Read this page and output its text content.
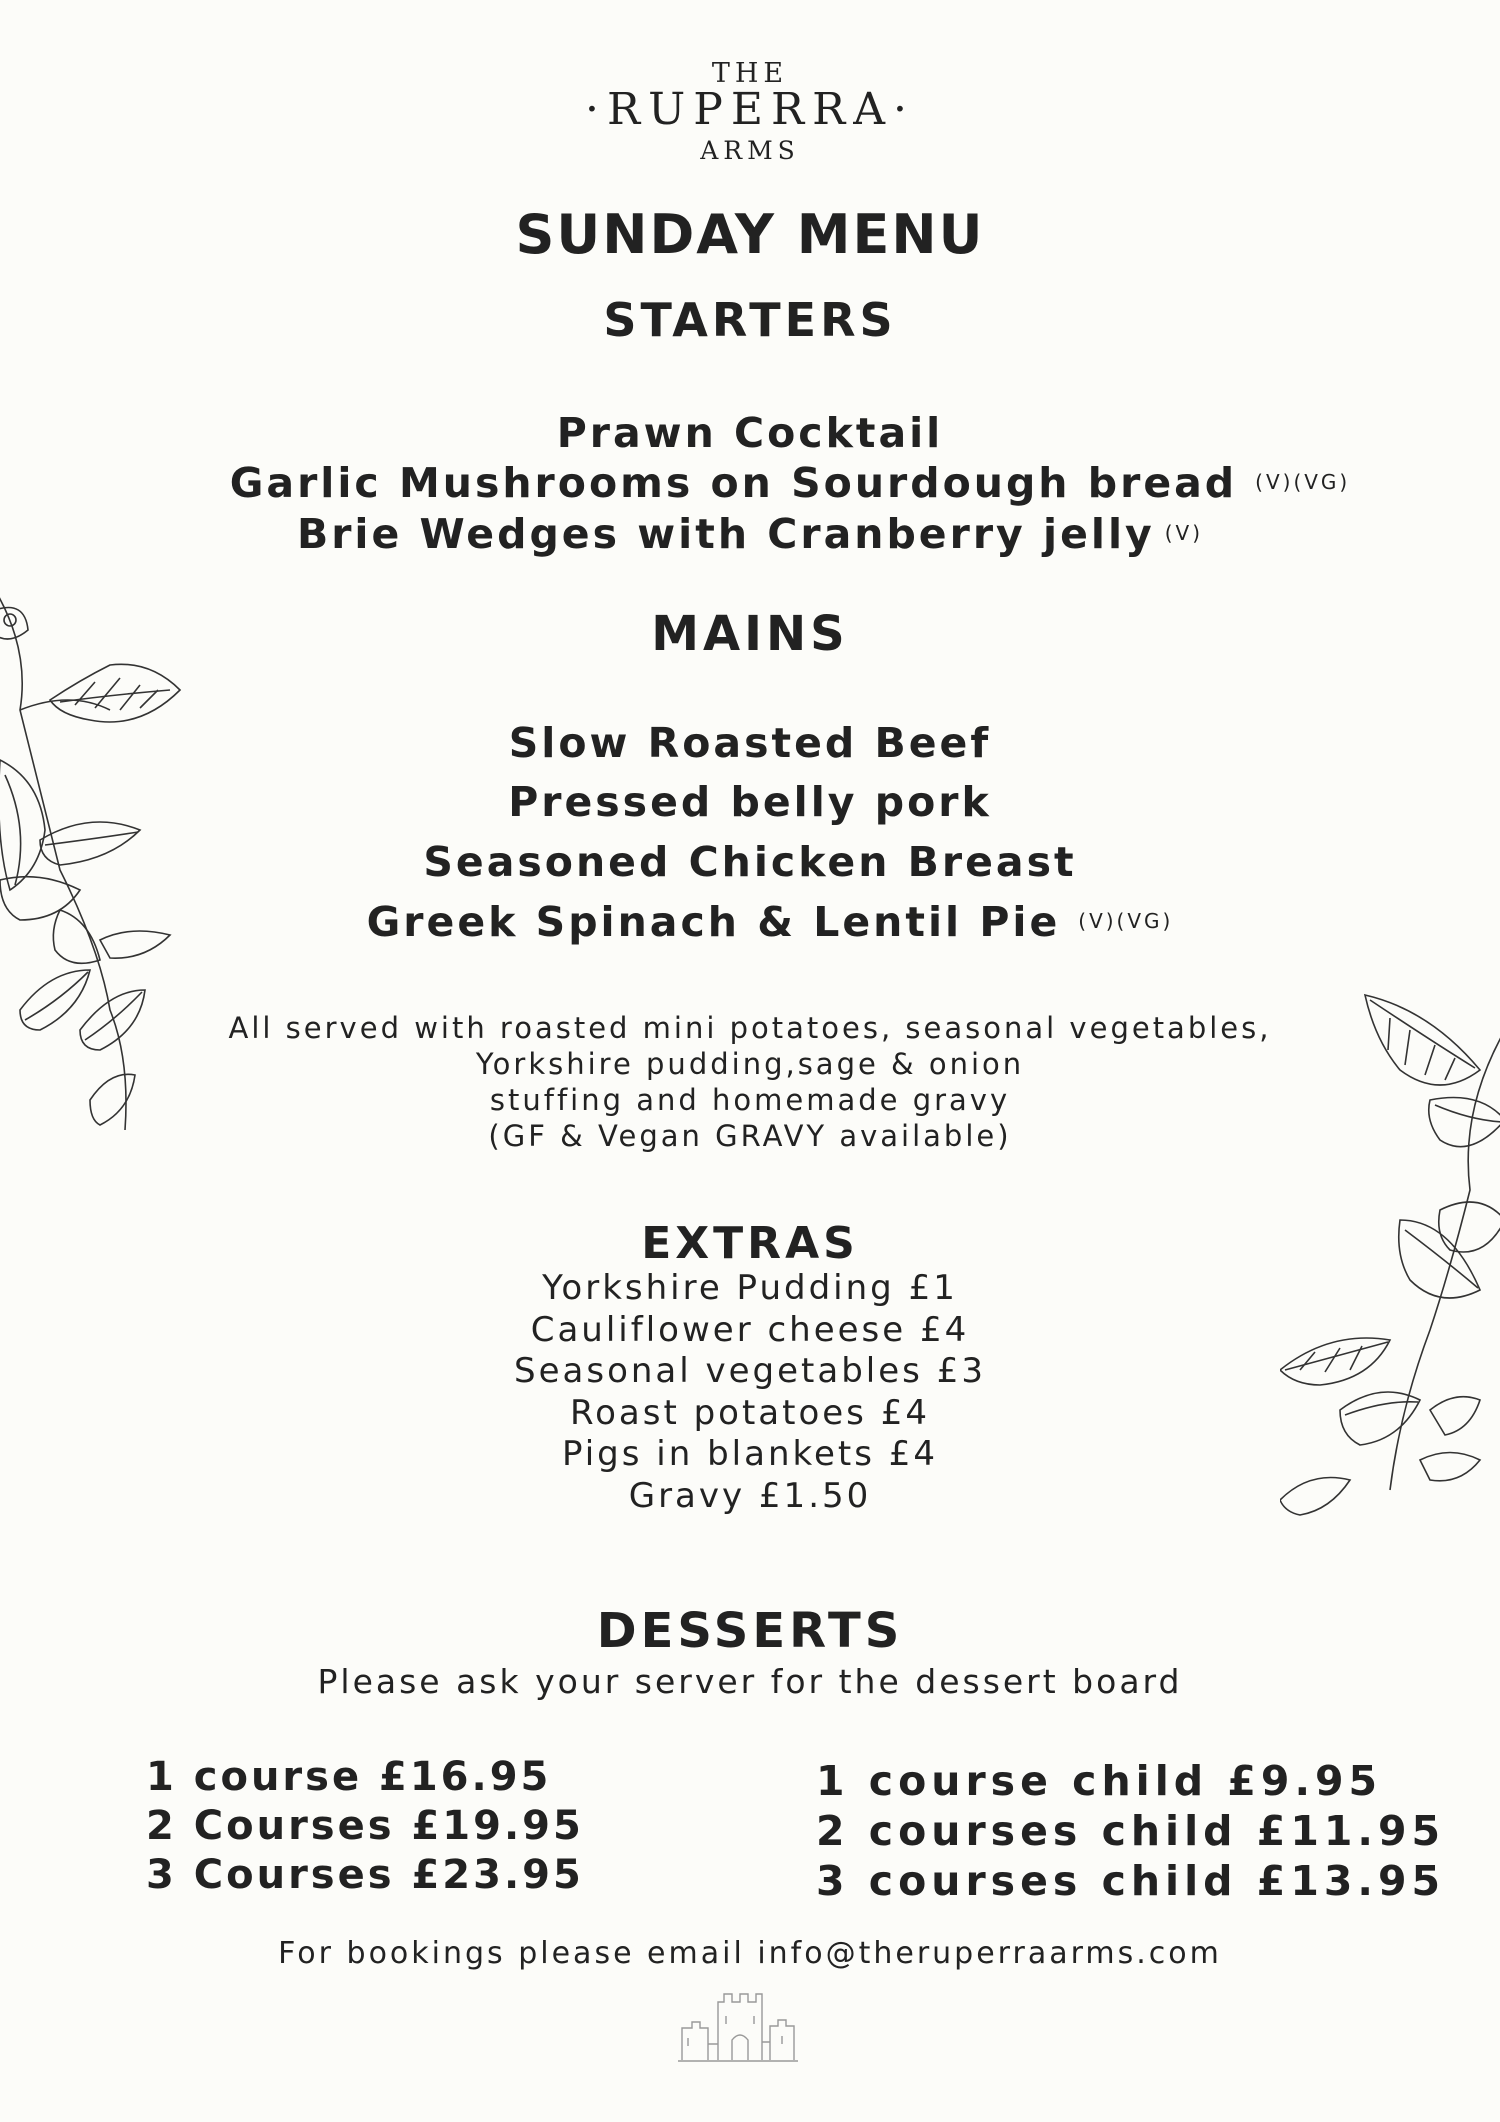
THE
·RUPERRA·
ARMS
SUNDAY MENU
STARTERS
Prawn Cocktail
Garlic Mushrooms on Sourdough bread (V)(VG)
Brie Wedges with Cranberry jelly (V)
MAINS
Slow Roasted Beef
Pressed belly pork
Seasoned Chicken Breast
Greek Spinach & Lentil Pie (V)(VG)
All served with roasted mini potatoes, seasonal vegetables,
Yorkshire pudding,sage & onion
stuffing and homemade gravy
(GF & Vegan GRAVY available)
EXTRAS
Yorkshire Pudding £1
Cauliflower cheese £4
Seasonal vegetables £3
Roast potatoes £4
Pigs in blankets £4
Gravy £1.50
DESSERTS
Please ask your server for the dessert board
1 course £16.95
2 Courses £19.95
3 Courses £23.95
1 course child £9.95
2 courses child £11.95
3 courses child £13.95
For bookings please email info@theruperraarms.com
